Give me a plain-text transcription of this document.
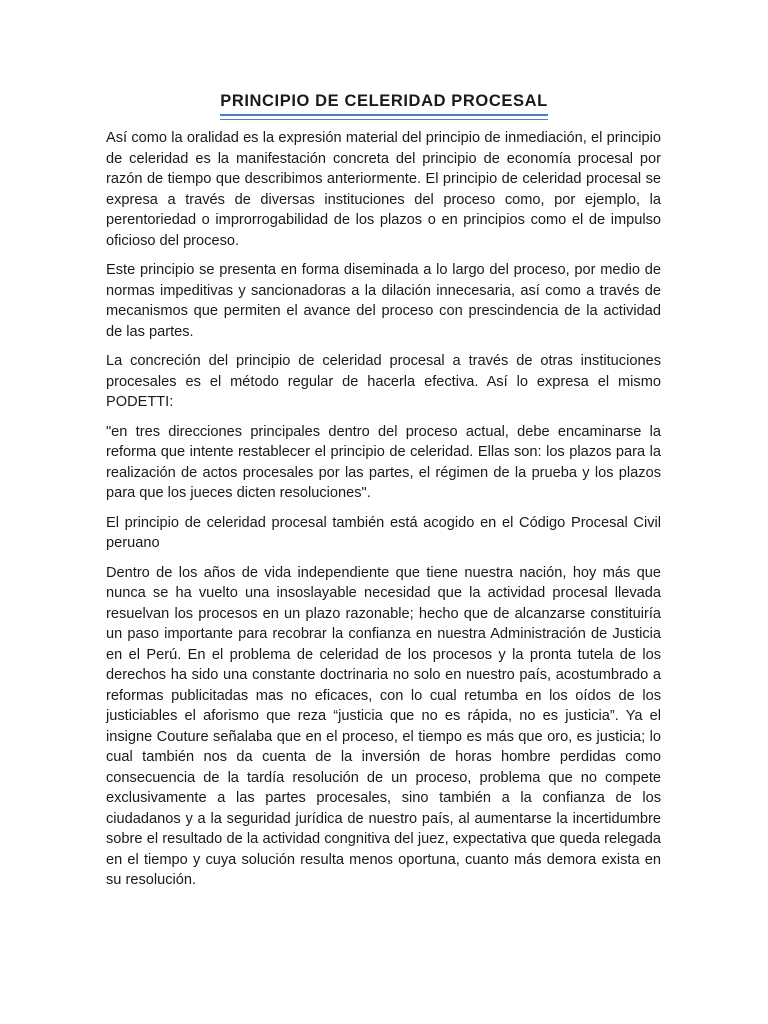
PRINCIPIO DE CELERIDAD PROCESAL

Así como la oralidad es la expresión material del principio de inmediación, el principio de celeridad es la manifestación concreta del principio de economía procesal por razón de tiempo que describimos anteriormente. El principio de celeridad procesal se expresa a través de diversas instituciones del proceso como, por ejemplo, la perentoriedad o improrrogabilidad de los plazos o en principios como el de impulso oficioso del proceso.

Este principio se presenta en forma diseminada a lo largo del proceso, por medio de normas impeditivas y sancionadoras a la dilación innecesaria, así como a través de mecanismos que permiten el avance del proceso con prescindencia de la actividad de las partes.

La concreción del principio de celeridad procesal a través de otras instituciones procesales es el método regular de hacerla efectiva. Así lo expresa el mismo PODETTI:

"en tres direcciones principales dentro del proceso actual, debe encaminarse la reforma que intente restablecer el principio de celeridad. Ellas son: los plazos para la realización de actos procesales por las partes, el régimen de la prueba y los plazos para que los jueces dicten resoluciones".

El principio de celeridad procesal también está acogido en el Código Procesal Civil peruano

Dentro de los años de vida independiente que tiene nuestra nación, hoy más que nunca se ha vuelto una insoslayable necesidad que la actividad procesal llevada resuelvan los procesos en un plazo razonable; hecho que de alcanzarse constituiría un paso importante para recobrar la confianza en nuestra Administración de Justicia en el Perú. En el problema de celeridad de los procesos y la pronta tutela de los derechos ha sido una constante doctrinaria no solo en nuestro país, acostumbrado a reformas publicitadas mas no eficaces, con lo cual retumba en los oídos de los justiciables el aforismo que reza “justicia que no es rápida, no es justicia”. Ya el insigne Couture señalaba que en el proceso, el tiempo es más que oro, es justicia; lo cual también nos da cuenta de la inversión de horas hombre perdidas como consecuencia de la tardía resolución de un proceso, problema que no compete exclusivamente a las partes procesales, sino también a la confianza de los ciudadanos y a la seguridad jurídica de nuestro país, al aumentarse la incertidumbre sobre el resultado de la actividad congnitiva del juez, expectativa que queda relegada en el tiempo y cuya solución resulta menos oportuna, cuanto más demora exista en su resolución.
